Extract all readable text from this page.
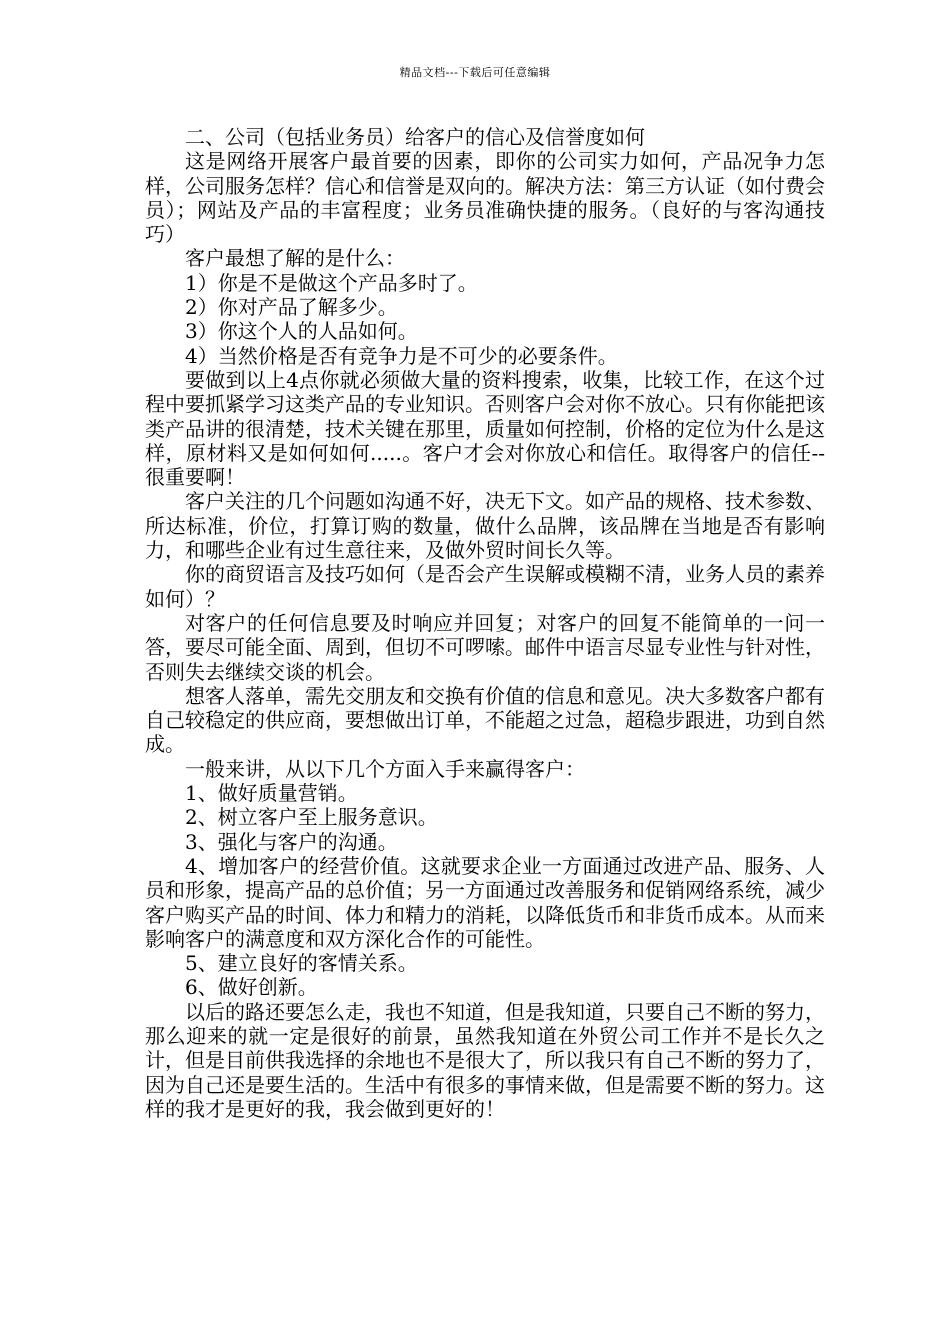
精品文档---下载后可任意编辑

二、公司（包括业务员）给客户的信心及信誉度如何

这是网络开展客户最首要的因素，即你的公司实力如何，产品况争力怎样，公司服务怎样？信心和信誉是双向的。解决方法：第三方认证（如付费会员）；网站及产品的丰富程度；业务员准确快捷的服务。（良好的与客沟通技巧）

客户最想了解的是什么：

1）你是不是做这个产品多时了。

2）你对产品了解多少。

3）你这个人的人品如何。

4）当然价格是否有竞争力是不可少的必要条件。

要做到以上4点你就必须做大量的资料搜索，收集，比较工作，在这个过程中要抓紧学习这类产品的专业知识。否则客户会对你不放心。只有你能把该类产品讲的很清楚，技术关键在那里，质量如何控制，价格的定位为什么是这样，原材料又是如何如何.....。客户才会对你放心和信任。取得客户的信任--很重要啊！

客户关注的几个问题如沟通不好，决无下文。如产品的规格、技术参数、所达标准，价位，打算订购的数量，做什么品牌，该品牌在当地是否有影响力，和哪些企业有过生意往来，及做外贸时间长久等。

你的商贸语言及技巧如何（是否会产生误解或模糊不清，业务人员的素养如何）？

对客户的任何信息要及时响应并回复；对客户的回复不能简单的一问一答，要尽可能全面、周到，但切不可啰嗦。邮件中语言尽显专业性与针对性，否则失去继续交谈的机会。

想客人落单，需先交朋友和交换有价值的信息和意见。决大多数客户都有自己较稳定的供应商，要想做出订单，不能超之过急，超稳步跟进，功到自然成。

一般来讲，从以下几个方面入手来赢得客户：

1、做好质量营销。

2、树立客户至上服务意识。

3、强化与客户的沟通。

4、增加客户的经营价值。这就要求企业一方面通过改进产品、服务、人员和形象，提高产品的总价值；另一方面通过改善服务和促销网络系统，减少客户购买产品的时间、体力和精力的消耗，以降低货币和非货币成本。从而来影响客户的满意度和双方深化合作的可能性。

5、建立良好的客情关系。

6、做好创新。

以后的路还要怎么走，我也不知道，但是我知道，只要自己不断的努力，那么迎来的就一定是很好的前景，虽然我知道在外贸公司工作并不是长久之计，但是目前供我选择的余地也不是很大了，所以我只有自己不断的努力了，因为自己还是要生活的。生活中有很多的事情来做，但是需要不断的努力。这样的我才是更好的我，我会做到更好的！
